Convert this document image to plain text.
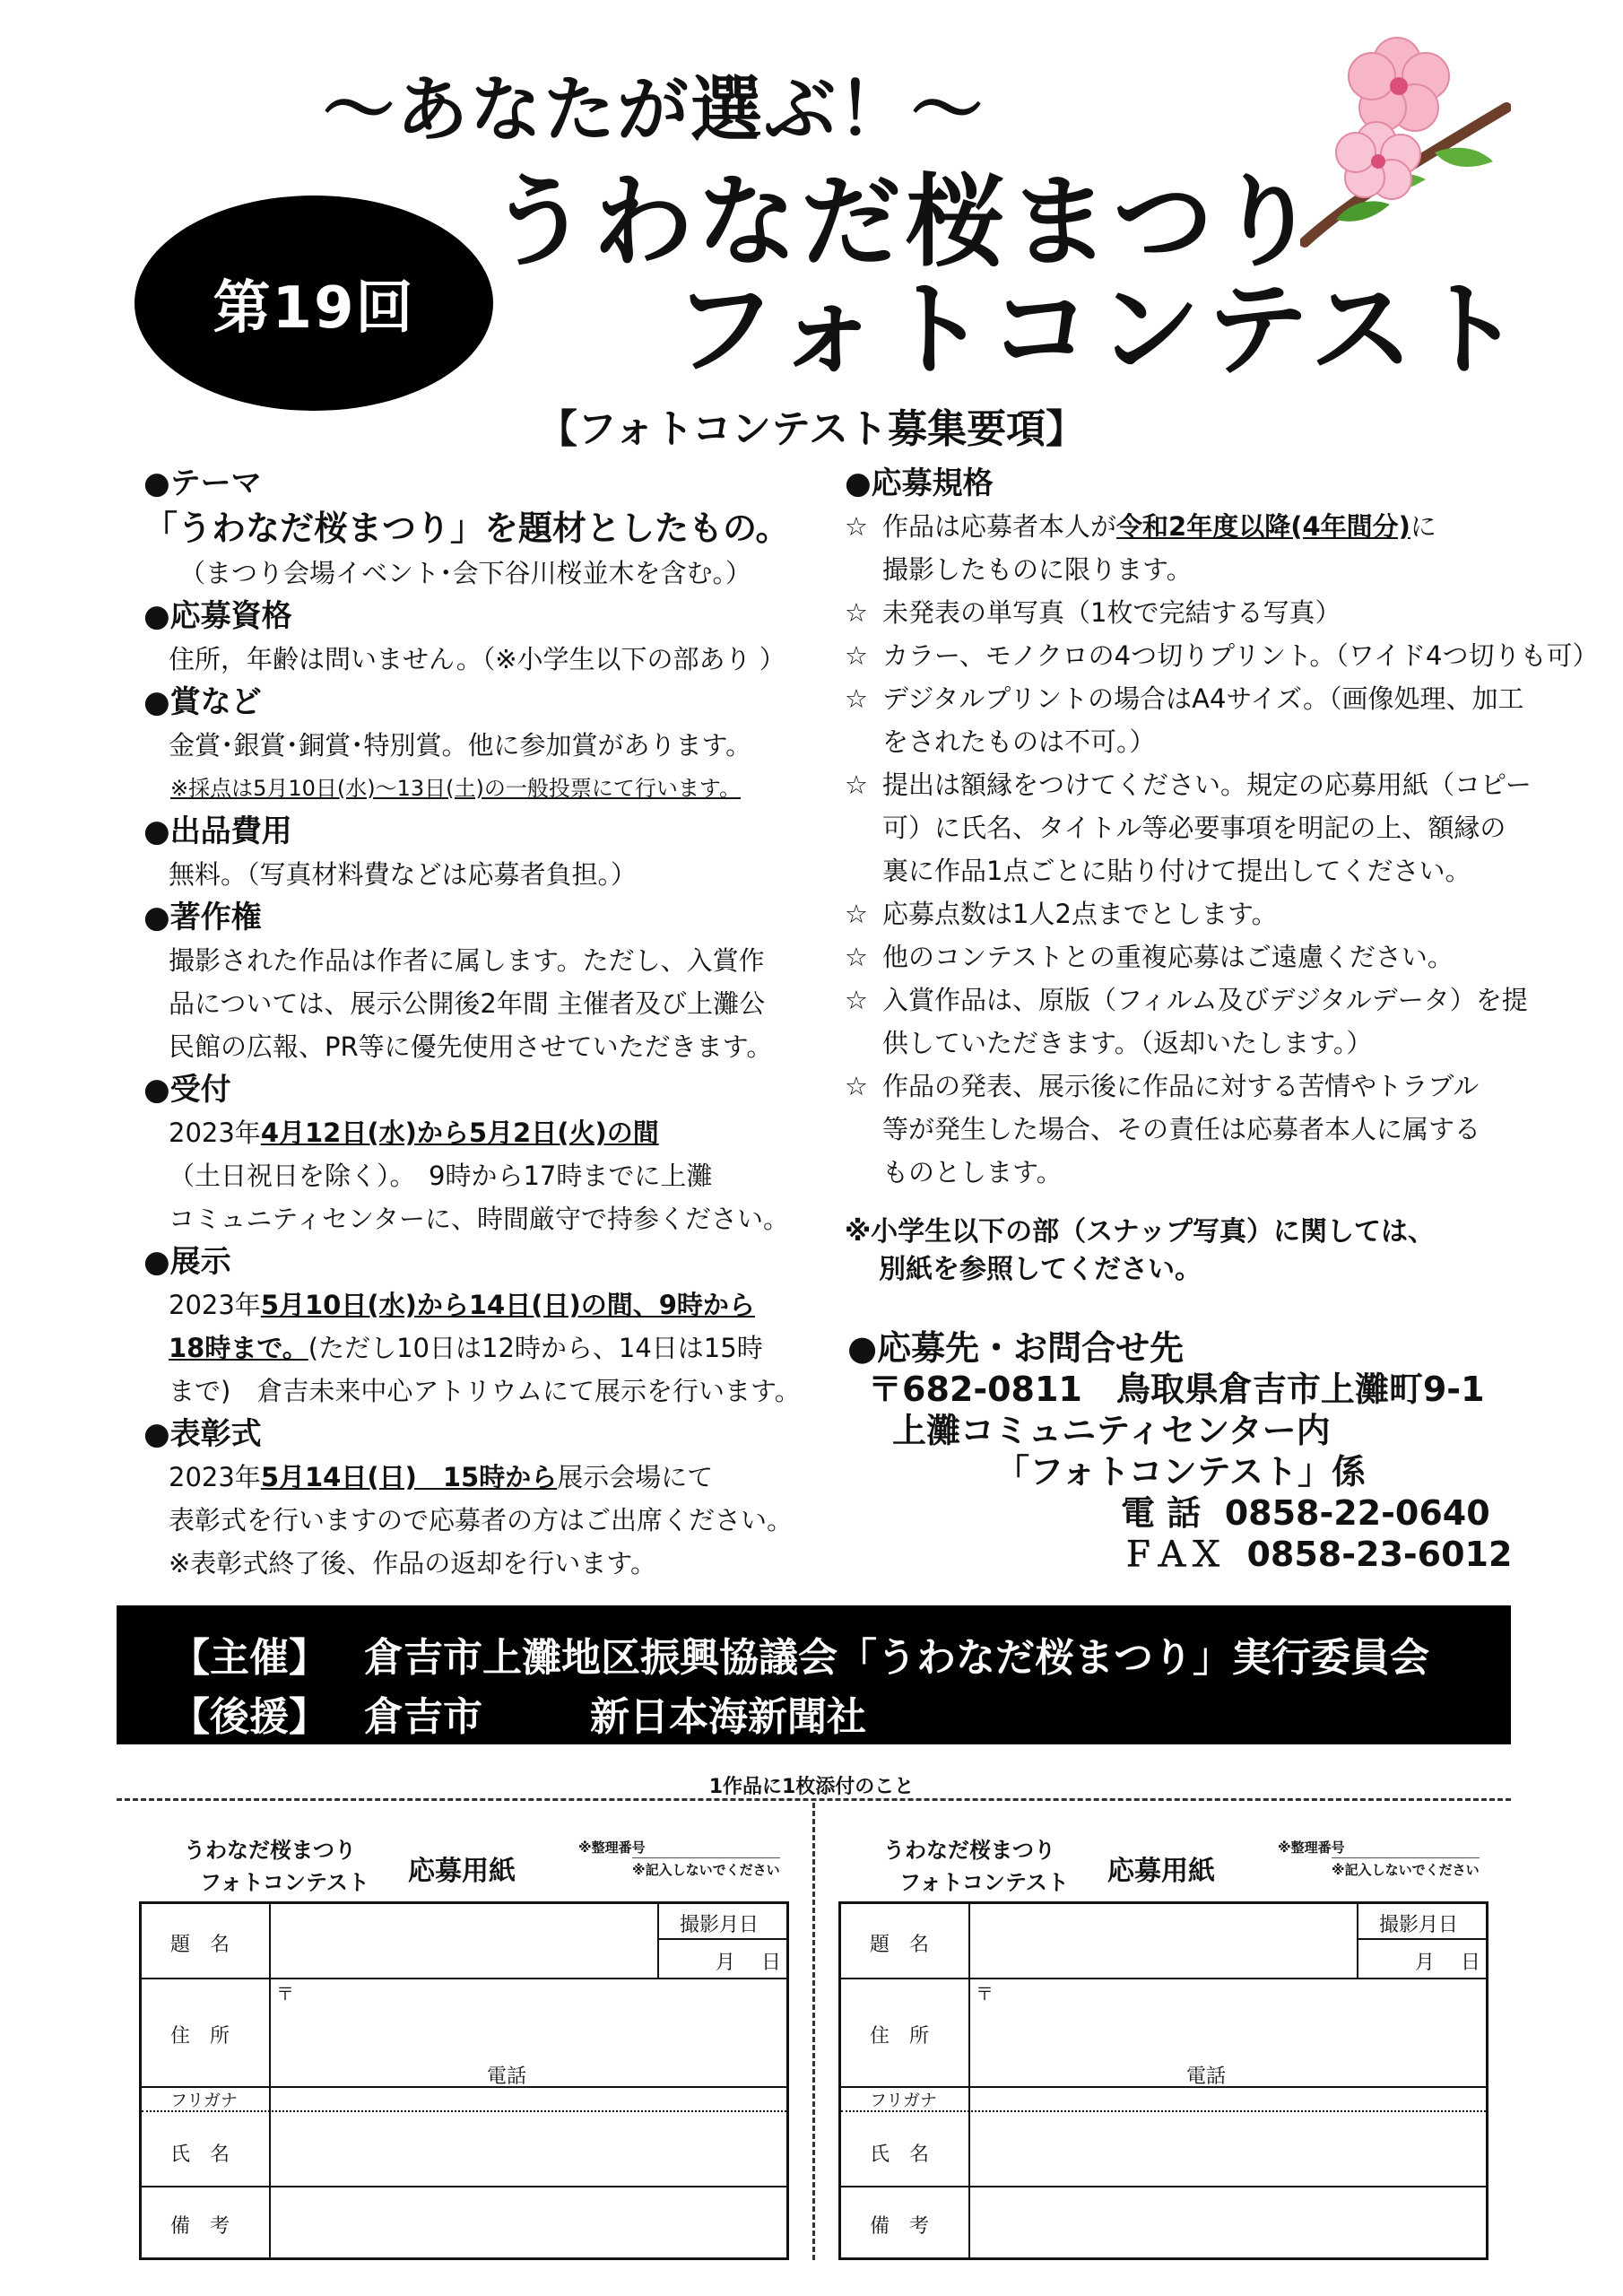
〜あなたが選ぶ！〜
うわなだ桜まつり
フォトコンテスト
第19回
【フォトコンテスト募集要項】
●テーマ
「うわなだ桜まつり」を題材としたもの。
（まつり会場イベント･会下谷川桜並木を含む。）
●応募資格
住所，年齢は問いません。（※小学生以下の部あり ）
●賞など
金賞･銀賞･銅賞･特別賞。他に参加賞があります。
※採点は5月10日(水)〜13日(土)の一般投票にて行います。
●出品費用
無料。（写真材料費などは応募者負担。）
●著作権
撮影された作品は作者に属します。ただし、入賞作
品については、展示公開後2年間 主催者及び上灘公
民館の広報、PR等に優先使用させていただきます。
●受付
2023年4月12日(水)から5月2日(火)の間
（土日祝日を除く）。　9時から17時までに上灘
コミュニティセンターに、時間厳守で持参ください。
●展示
2023年5月10日(水)から14日(日)の間、9時から
18時まで。(ただし10日は12時から、14日は15時
まで)　倉吉未来中心アトリウムにて展示を行います。
●表彰式
2023年5月14日(日)　15時から展示会場にて
表彰式を行いますので応募者の方はご出席ください。
※表彰式終了後、作品の返却を行います。
●応募規格
☆ 作品は応募者本人が 令和2年度以降(4年間分) に
撮影したものに限ります。
☆ 未発表の単写真（1枚で完結する写真）
☆ カラー、モノクロの4つ切りプリント。（ワイド4つ切りも可）
☆ デジタルプリントの場合はA4サイズ。（画像処理、加工
をされたものは不可。）
☆ 提出は額縁をつけてください。規定の応募用紙（コピー
可）に氏名、タイトル等必要事項を明記の上、額縁の
裏に作品1点ごとに貼り付けて提出してください。
☆ 応募点数は1人2点までとします。
☆ 他のコンテストとの重複応募はご遠慮ください。
☆ 入賞作品は、原版（フィルム及びデジタルデータ）を提
供していただきます。（返却いたします。）
☆ 作品の発表、展示後に作品に対する苦情やトラブル
等が発生した場合、その責任は応募者本人に属する
ものとします。
※小学生以下の部（スナップ写真）に関しては、
別紙を参照してください。
●応募先・お問合せ先
〒682-0811　鳥取県倉吉市上灘町9-1
上灘コミュニティセンター内
「フォトコンテスト」係
電 話 0858-22-0640
ＦＡＸ 0858-23-6012
【主催】 倉吉市上灘地区振興協議会「うわなだ桜まつり」実行委員会
【後援】 倉吉市	新日本海新聞社
1作品に1枚添付のこと
うわなだ桜まつり
フォトコンテスト 応募用紙
※整理番号
※記入しないでください
題　名
撮影月日
月　 日
住　所
〒
電話
フリガナ
氏　名
備　考
うわなだ桜まつり
フォトコンテスト 応募用紙
※整理番号
※記入しないでください
題　名
撮影月日
月　 日
住　所
〒
電話
フリガナ
氏　名
備　考
